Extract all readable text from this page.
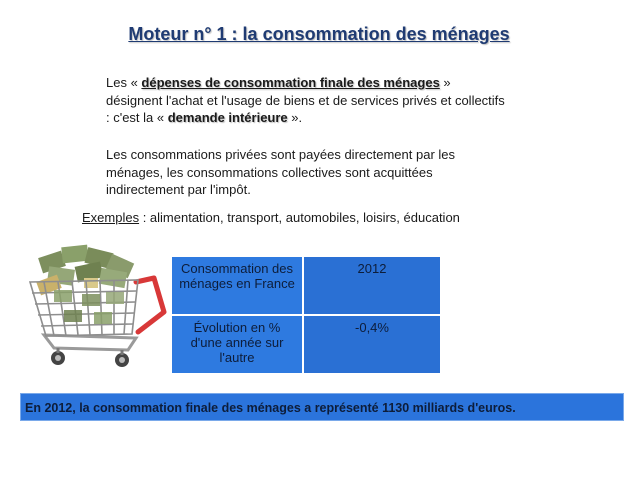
Moteur n° 1 : la consommation des ménages
Les « dépenses de consommation finale des ménages » désignent l'achat et l'usage de biens et de services privés et collectifs : c'est la « demande intérieure ».
Les consommations privées sont payées directement par les ménages, les consommations collectives sont acquittées indirectement par l'impôt.
Exemples : alimentation, transport, automobiles, loisirs, éducation
Consommation des ménages en France	2012
Évolution en % d'une année sur l'autre	-0,4%
En 2012, la consommation finale des ménages a représenté 1130 milliards d'euros.
